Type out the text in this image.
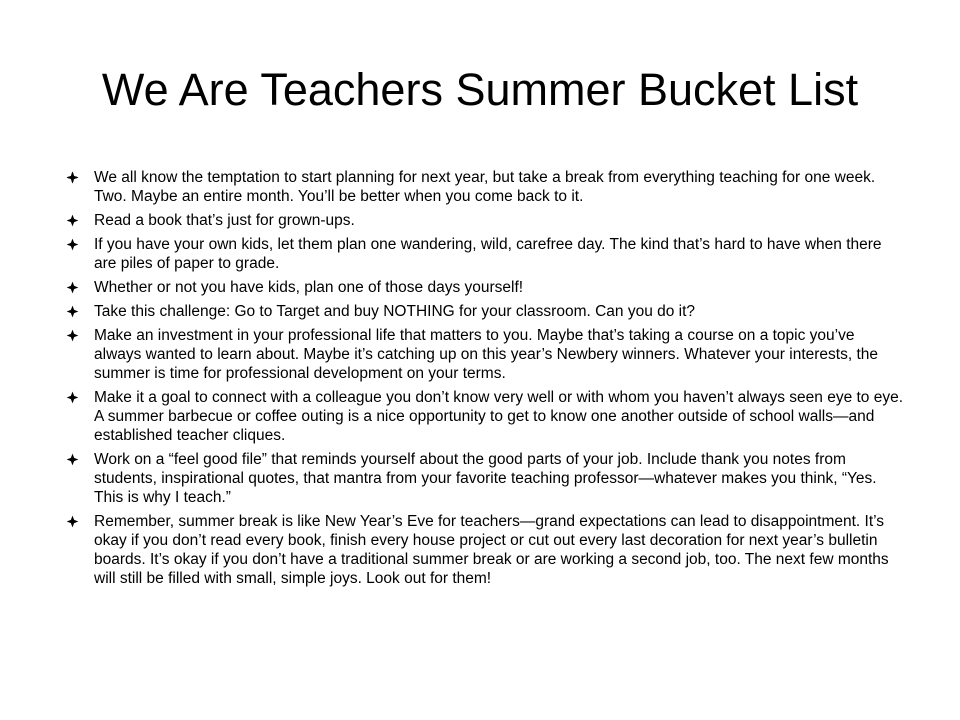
We Are Teachers Summer Bucket List
We all know the temptation to start planning for next year, but take a break from everything teaching for one week. Two. Maybe an entire month. You’ll be better when you come back to it.
Read a book that’s just for grown-ups.
If you have your own kids, let them plan one wandering, wild, carefree day. The kind that’s hard to have when there are piles of paper to grade.
Whether or not you have kids, plan one of those days yourself!
Take this challenge: Go to Target and buy NOTHING for your classroom. Can you do it?
Make an investment in your professional life that matters to you. Maybe that’s taking a course on a topic you’ve always wanted to learn about. Maybe it’s catching up on this year’s Newbery winners. Whatever your interests, the summer is time for professional development on your terms.
Make it a goal to connect with a colleague you don’t know very well or with whom you haven’t always seen eye to eye. A summer barbecue or coffee outing is a nice opportunity to get to know one another outside of school walls—and established teacher cliques.
Work on a “feel good file” that reminds yourself about the good parts of your job. Include thank you notes from students, inspirational quotes, that mantra from your favorite teaching professor—whatever makes you think, “Yes. This is why I teach.”
Remember, summer break is like New Year’s Eve for teachers—grand expectations can lead to disappointment. It’s okay if you don’t read every book, finish every house project or cut out every last decoration for next year’s bulletin boards. It’s okay if you don’t have a traditional summer break or are working a second job, too. The next few months will still be filled with small, simple joys. Look out for them!
